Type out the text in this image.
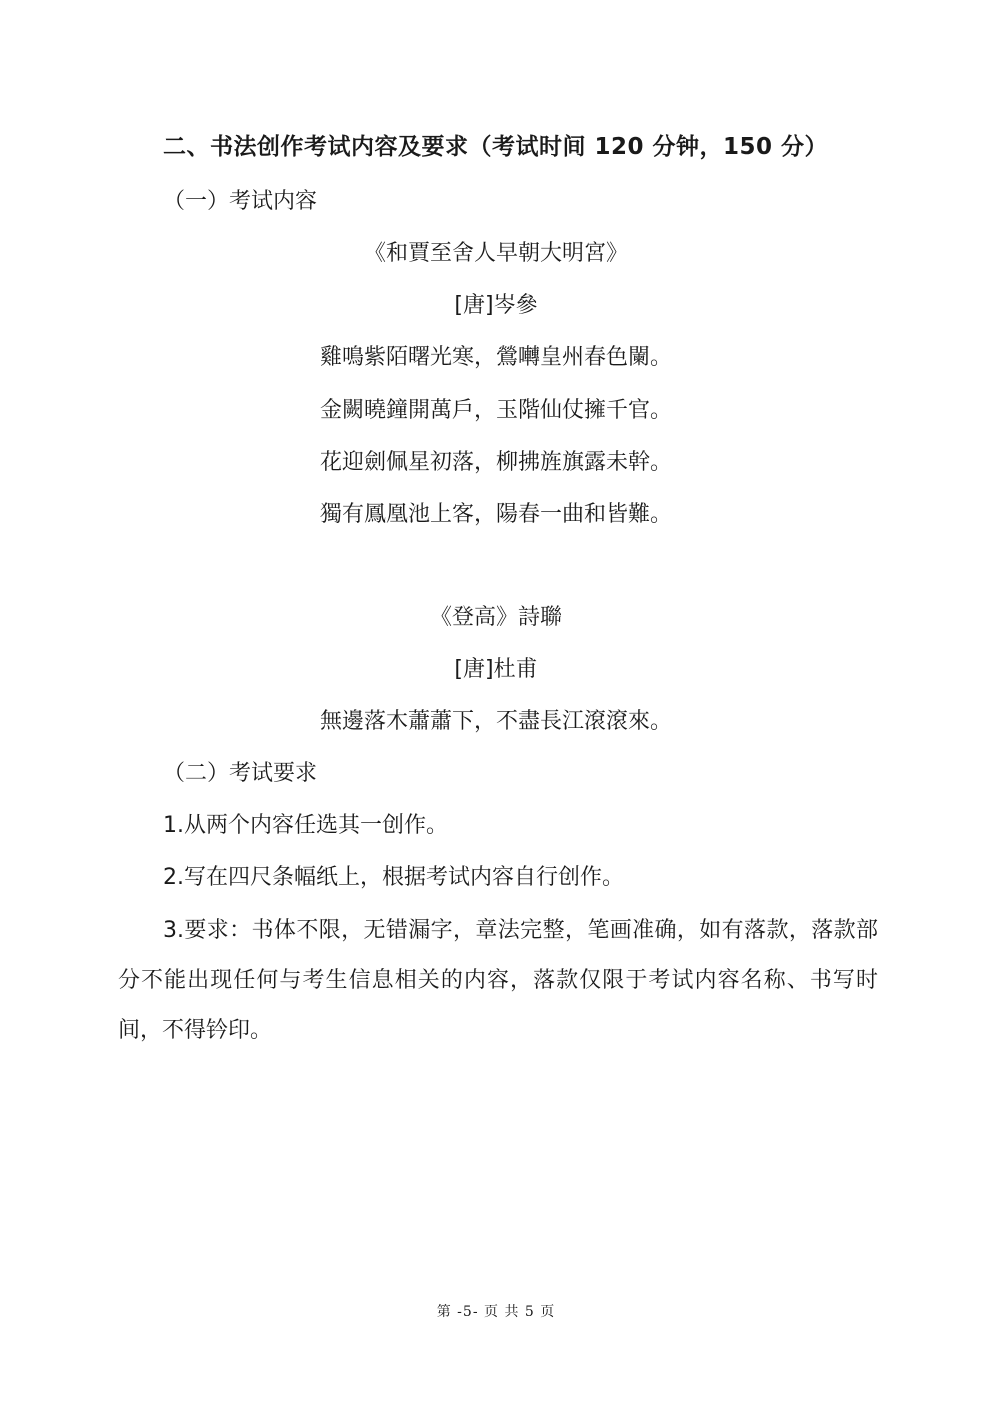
二、书法创作考试内容及要求（考试时间 120 分钟，150 分）
（一）考试内容
《和賈至舍人早朝大明宮》
[唐]岑參
雞鳴紫陌曙光寒，鶯囀皇州春色闌。
金闕曉鐘開萬戶，玉階仙仗擁千官。
花迎劍佩星初落，柳拂旌旗露未幹。
獨有鳳凰池上客，陽春一曲和皆難。
《登高》詩聯
[唐]杜甫
無邊落木蕭蕭下，不盡長江滾滾來。
（二）考试要求
1.从两个内容任选其一创作。
2.写在四尺条幅纸上，根据考试内容自行创作。
3.要求：书体不限，无错漏字，章法完整，笔画准确，如有落款，落款部分不能出现任何与考生信息相关的内容，落款仅限于考试内容名称、书写时间，不得钤印。
第 -5- 页 共 5 页
